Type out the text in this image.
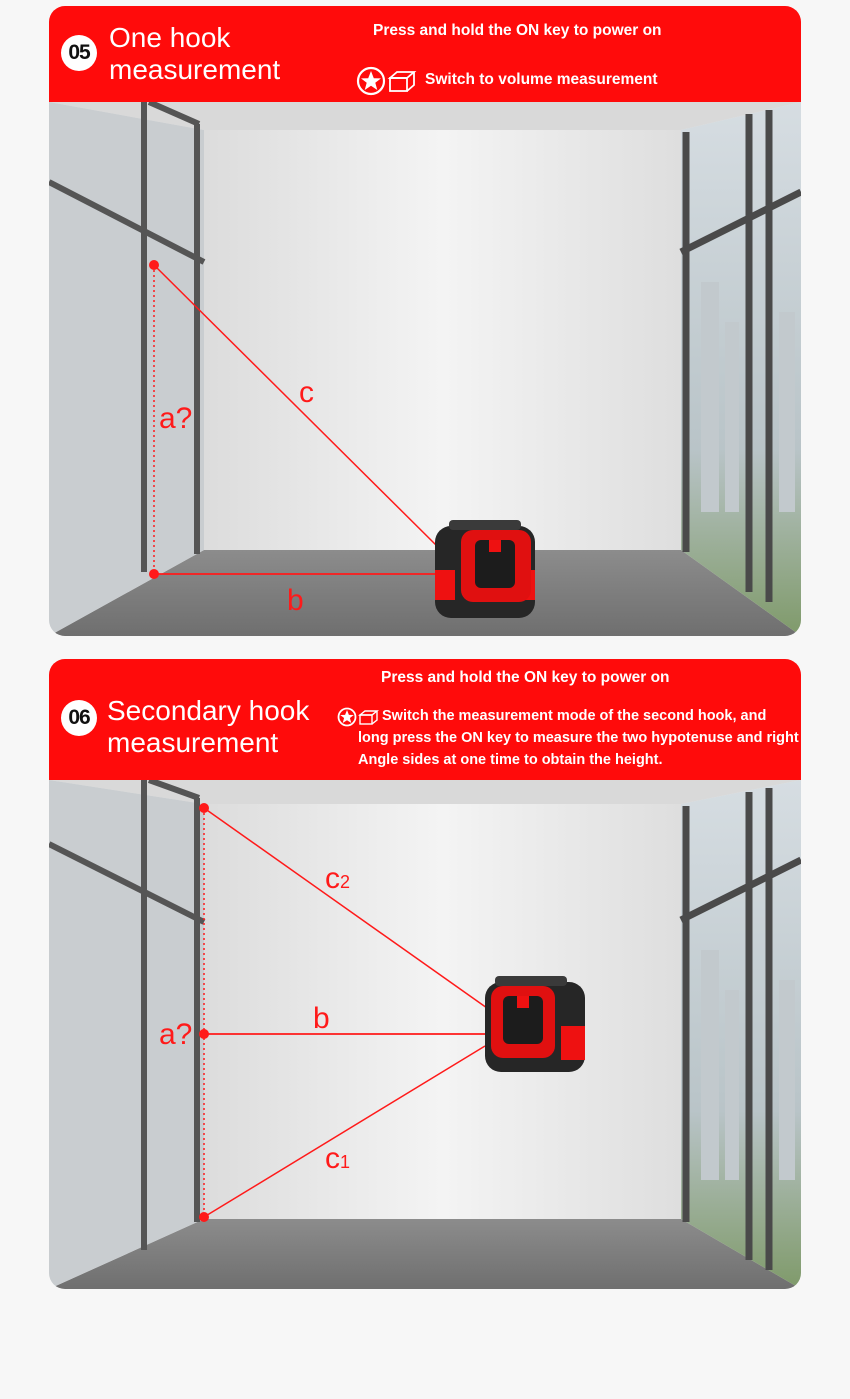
05 One hook
measurement
Press and hold the ON key to power on
Switch to volume measurement
a?
c
b
06 Secondary hook
measurement
Press and hold the ON key to power on
Switch the measurement mode of the second hook, and long press the ON key to measure the two hypotenuse and right Angle sides at one time to obtain the height.
a?	b
c2
c1
